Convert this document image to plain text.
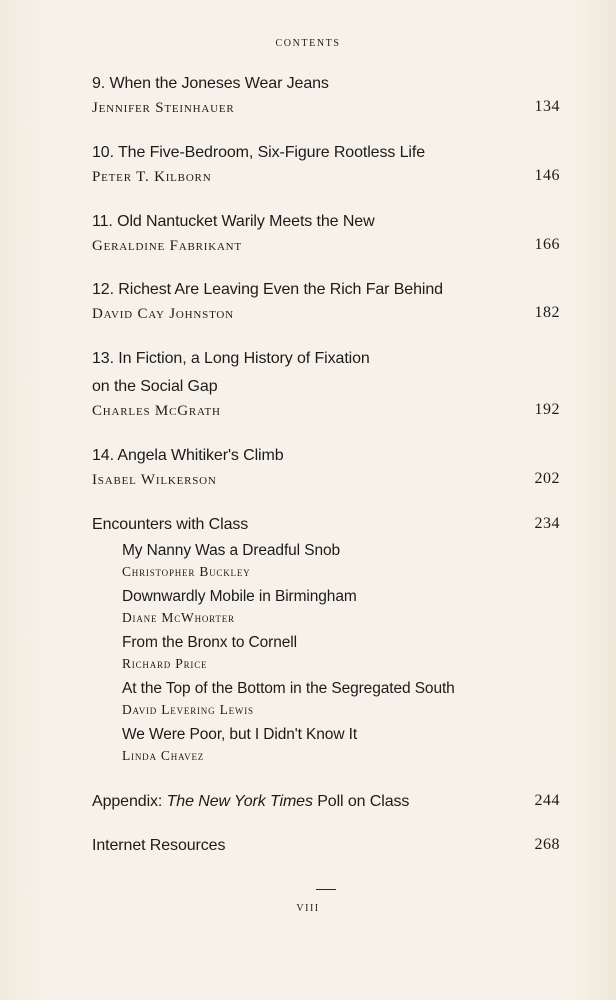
CONTENTS
9. When the Joneses Wear Jeans
Jennifer Steinhauer	134
10. The Five-Bedroom, Six-Figure Rootless Life
Peter T. Kilborn	146
11. Old Nantucket Warily Meets the New
Geraldine Fabrikant	166
12. Richest Are Leaving Even the Rich Far Behind
David Cay Johnston	182
13. In Fiction, a Long History of Fixation
on the Social Gap
Charles McGrath	192
14. Angela Whitiker's Climb
Isabel Wilkerson	202
Encounters with Class	234
My Nanny Was a Dreadful Snob
Christopher Buckley
Downwardly Mobile in Birmingham
Diane McWhorter
From the Bronx to Cornell
Richard Price
At the Top of the Bottom in the Segregated South
David Levering Lewis
We Were Poor, but I Didn't Know It
Linda Chavez
Appendix: The New York Times Poll on Class	244
Internet Resources	268
VIII
